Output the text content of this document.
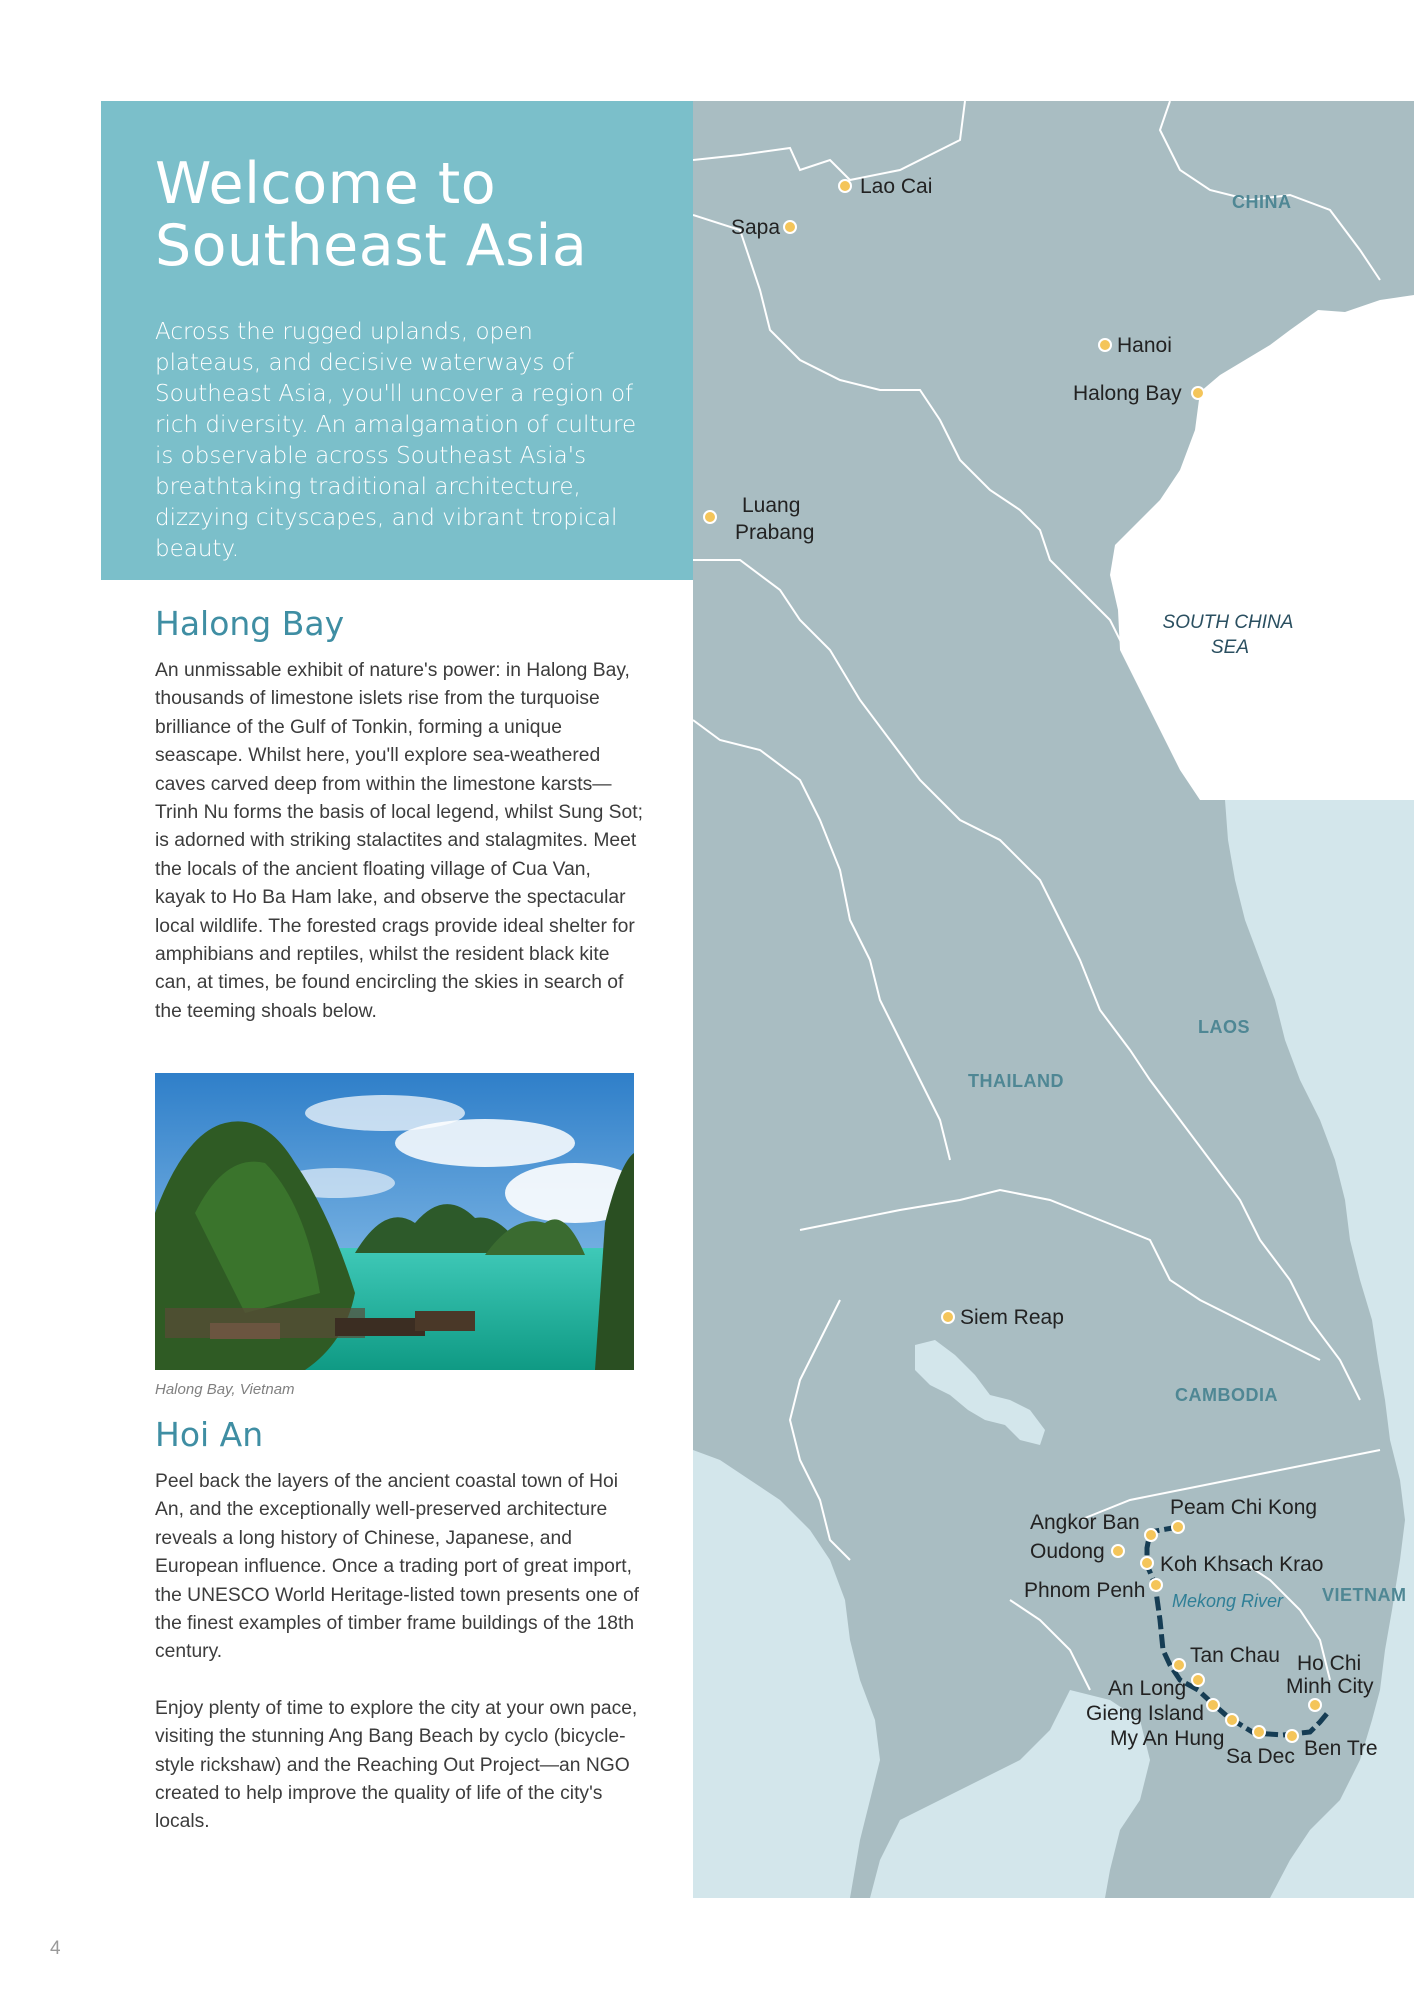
Welcome to
Southeast Asia

Across the rugged uplands, open plateaus, and decisive waterways of Southeast Asia, you'll uncover a region of rich diversity. An amalgamation of culture is observable across Southeast Asia's breathtaking traditional architecture, dizzying cityscapes, and vibrant tropical beauty.

Halong Bay

An unmissable exhibit of nature's power: in Halong Bay, thousands of limestone islets rise from the turquoise brilliance of the Gulf of Tonkin, forming a unique seascape. Whilst here, you'll explore sea-weathered caves carved deep from within the limestone karsts—Trinh Nu forms the basis of local legend, whilst Sung Sot; is adorned with striking stalactites and stalagmites. Meet the locals of the ancient floating village of Cua Van, kayak to Ho Ba Ham lake, and observe the spectacular local wildlife. The forested crags provide ideal shelter for amphibians and reptiles, whilst the resident black kite can, at times, be found encircling the skies in search of the teeming shoals below.

Halong Bay, Vietnam
Hoi An

Peel back the layers of the ancient coastal town of Hoi An, and the exceptionally well-preserved architecture reveals a long history of Chinese, Japanese, and European influence. Once a trading port of great import, the UNESCO World Heritage-listed town presents one of the finest examples of timber frame buildings of the 18th century.

Enjoy plenty of time to explore the city at your own pace, visiting the stunning Ang Bang Beach by cyclo (bicycle-style rickshaw) and the Reaching Out Project—an NGO created to help improve the quality of life of the city's locals.

4
CHINA
LAOS
THAILAND
CAMBODIA
VIETNAM
SOUTH CHINA
SEA
Mekong River
Lao Cai
Sapa
Hanoi
Halong Bay
Luang
Prabang
Siem Reap
Peam Chi Kong
Angkor Ban
Oudong
Koh Khsach Krao
Phnom Penh
Tan Chau Ho Chi
Minh City
An Long
Gieng Island
My An Hung
Sa Dec Ben Tre
